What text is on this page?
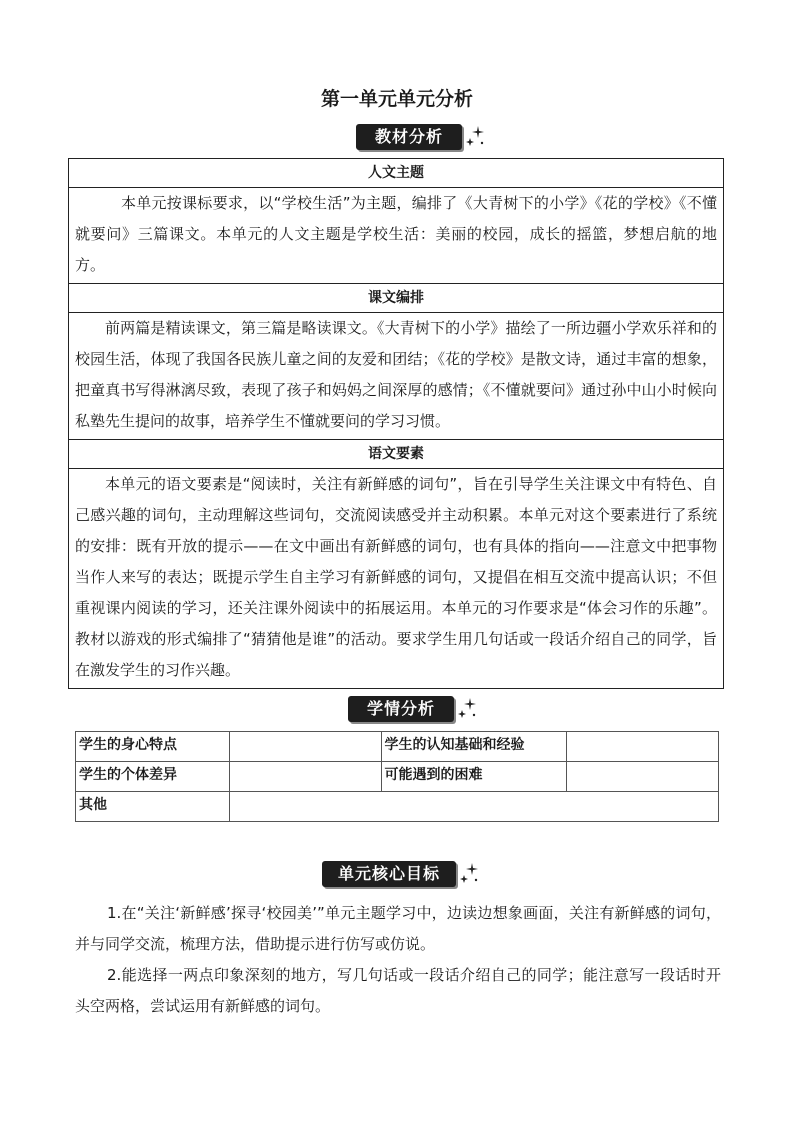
第一单元单元分析
教材分析
人文主题
本单元按课标要求，以“学校生活”为主题，编排了《大青树下的小学》《花的学校》《不懂就要问》三篇课文。本单元的人文主题是学校生活：美丽的校园，成长的摇篮，梦想启航的地方。
课文编排
前两篇是精读课文，第三篇是略读课文。《大青树下的小学》描绘了一所边疆小学欢乐祥和的校园生活，体现了我国各民族儿童之间的友爱和团结；《花的学校》是散文诗，通过丰富的想象，把童真书写得淋漓尽致，表现了孩子和妈妈之间深厚的感情；《不懂就要问》通过孙中山小时候向私塾先生提问的故事，培养学生不懂就要问的学习习惯。
语文要素
本单元的语文要素是“阅读时，关注有新鲜感的词句”，旨在引导学生关注课文中有特色、自己感兴趣的词句，主动理解这些词句，交流阅读感受并主动积累。本单元对这个要素进行了系统的安排：既有开放的提示——在文中画出有新鲜感的词句，也有具体的指向——注意文中把事物当作人来写的表达；既提示学生自主学习有新鲜感的词句，又提倡在相互交流中提高认识；不但重视课内阅读的学习，还关注课外阅读中的拓展运用。本单元的习作要求是“体会习作的乐趣”。教材以游戏的形式编排了“猜猜他是谁”的活动。要求学生用几句话或一段话介绍自己的同学，旨在激发学生的习作兴趣。
学情分析
学生的身心特点		学生的认知基础和经验	
学生的个体差异		可能遇到的困难	
其他			
单元核心目标

1.在“关注‘新鲜感’探寻‘校园美’”单元主题学习中，边读边想象画面，关注有新鲜感的词句，并与同学交流，梳理方法，借助提示进行仿写或仿说。

2.能选择一两点印象深刻的地方，写几句话或一段话介绍自己的同学；能注意写一段话时开头空两格，尝试运用有新鲜感的词句。
